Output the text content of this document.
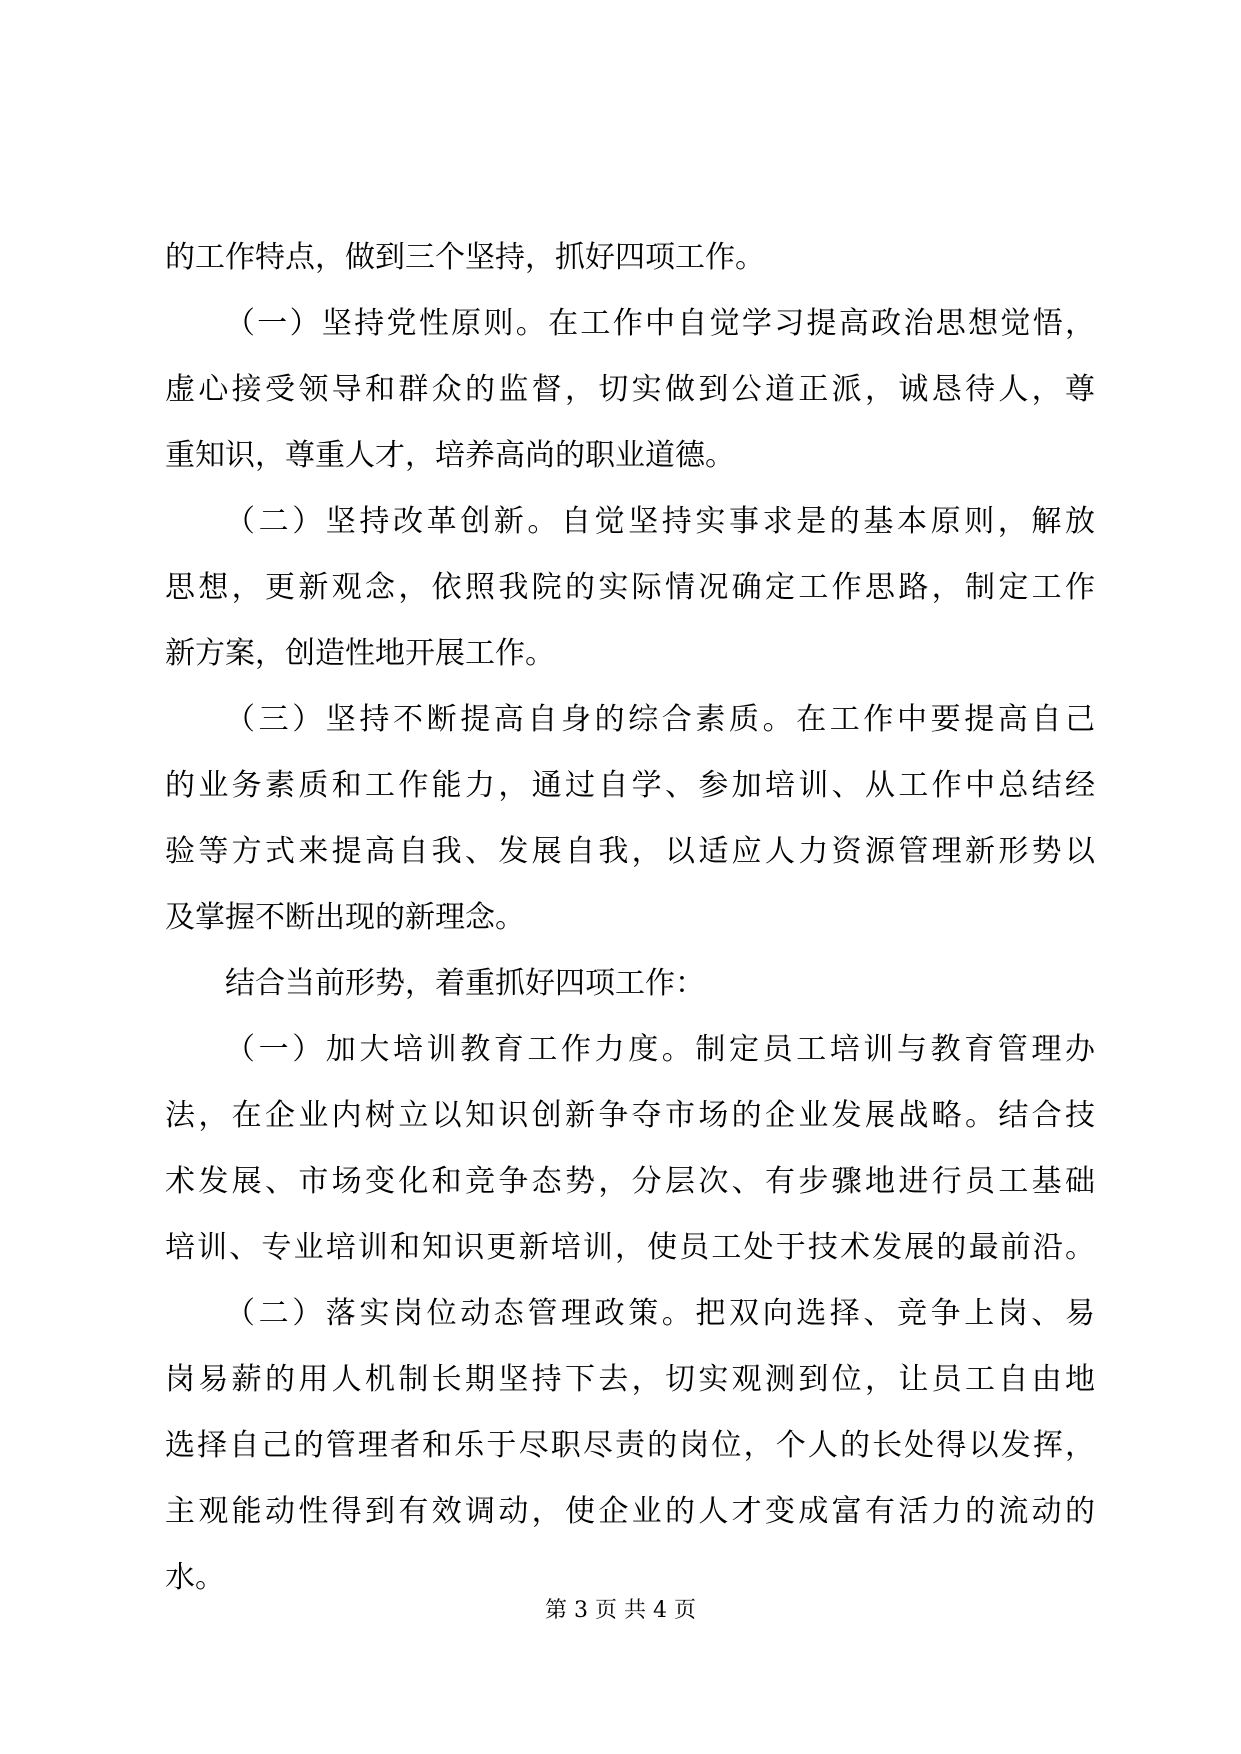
的工作特点，做到三个坚持，抓好四项工作。
（一）坚持党性原则。在工作中自觉学习提高政治思想觉悟，
虚心接受领导和群众的监督，切实做到公道正派，诚恳待人，尊
重知识，尊重人才，培养高尚的职业道德。
（二）坚持改革创新。自觉坚持实事求是的基本原则，解放
思想，更新观念，依照我院的实际情况确定工作思路，制定工作
新方案，创造性地开展工作。
（三）坚持不断提高自身的综合素质。在工作中要提高自己
的业务素质和工作能力，通过自学、参加培训、从工作中总结经
验等方式来提高自我、发展自我，以适应人力资源管理新形势以
及掌握不断出现的新理念。
结合当前形势，着重抓好四项工作：
（一）加大培训教育工作力度。制定员工培训与教育管理办
法，在企业内树立以知识创新争夺市场的企业发展战略。结合技
术发展、市场变化和竞争态势，分层次、有步骤地进行员工基础
培训、专业培训和知识更新培训，使员工处于技术发展的最前沿。
（二）落实岗位动态管理政策。把双向选择、竞争上岗、易
岗易薪的用人机制长期坚持下去，切实观测到位，让员工自由地
选择自己的管理者和乐于尽职尽责的岗位，个人的长处得以发挥，
主观能动性得到有效调动，使企业的人才变成富有活力的流动的
水。
第 3 页 共 4 页
